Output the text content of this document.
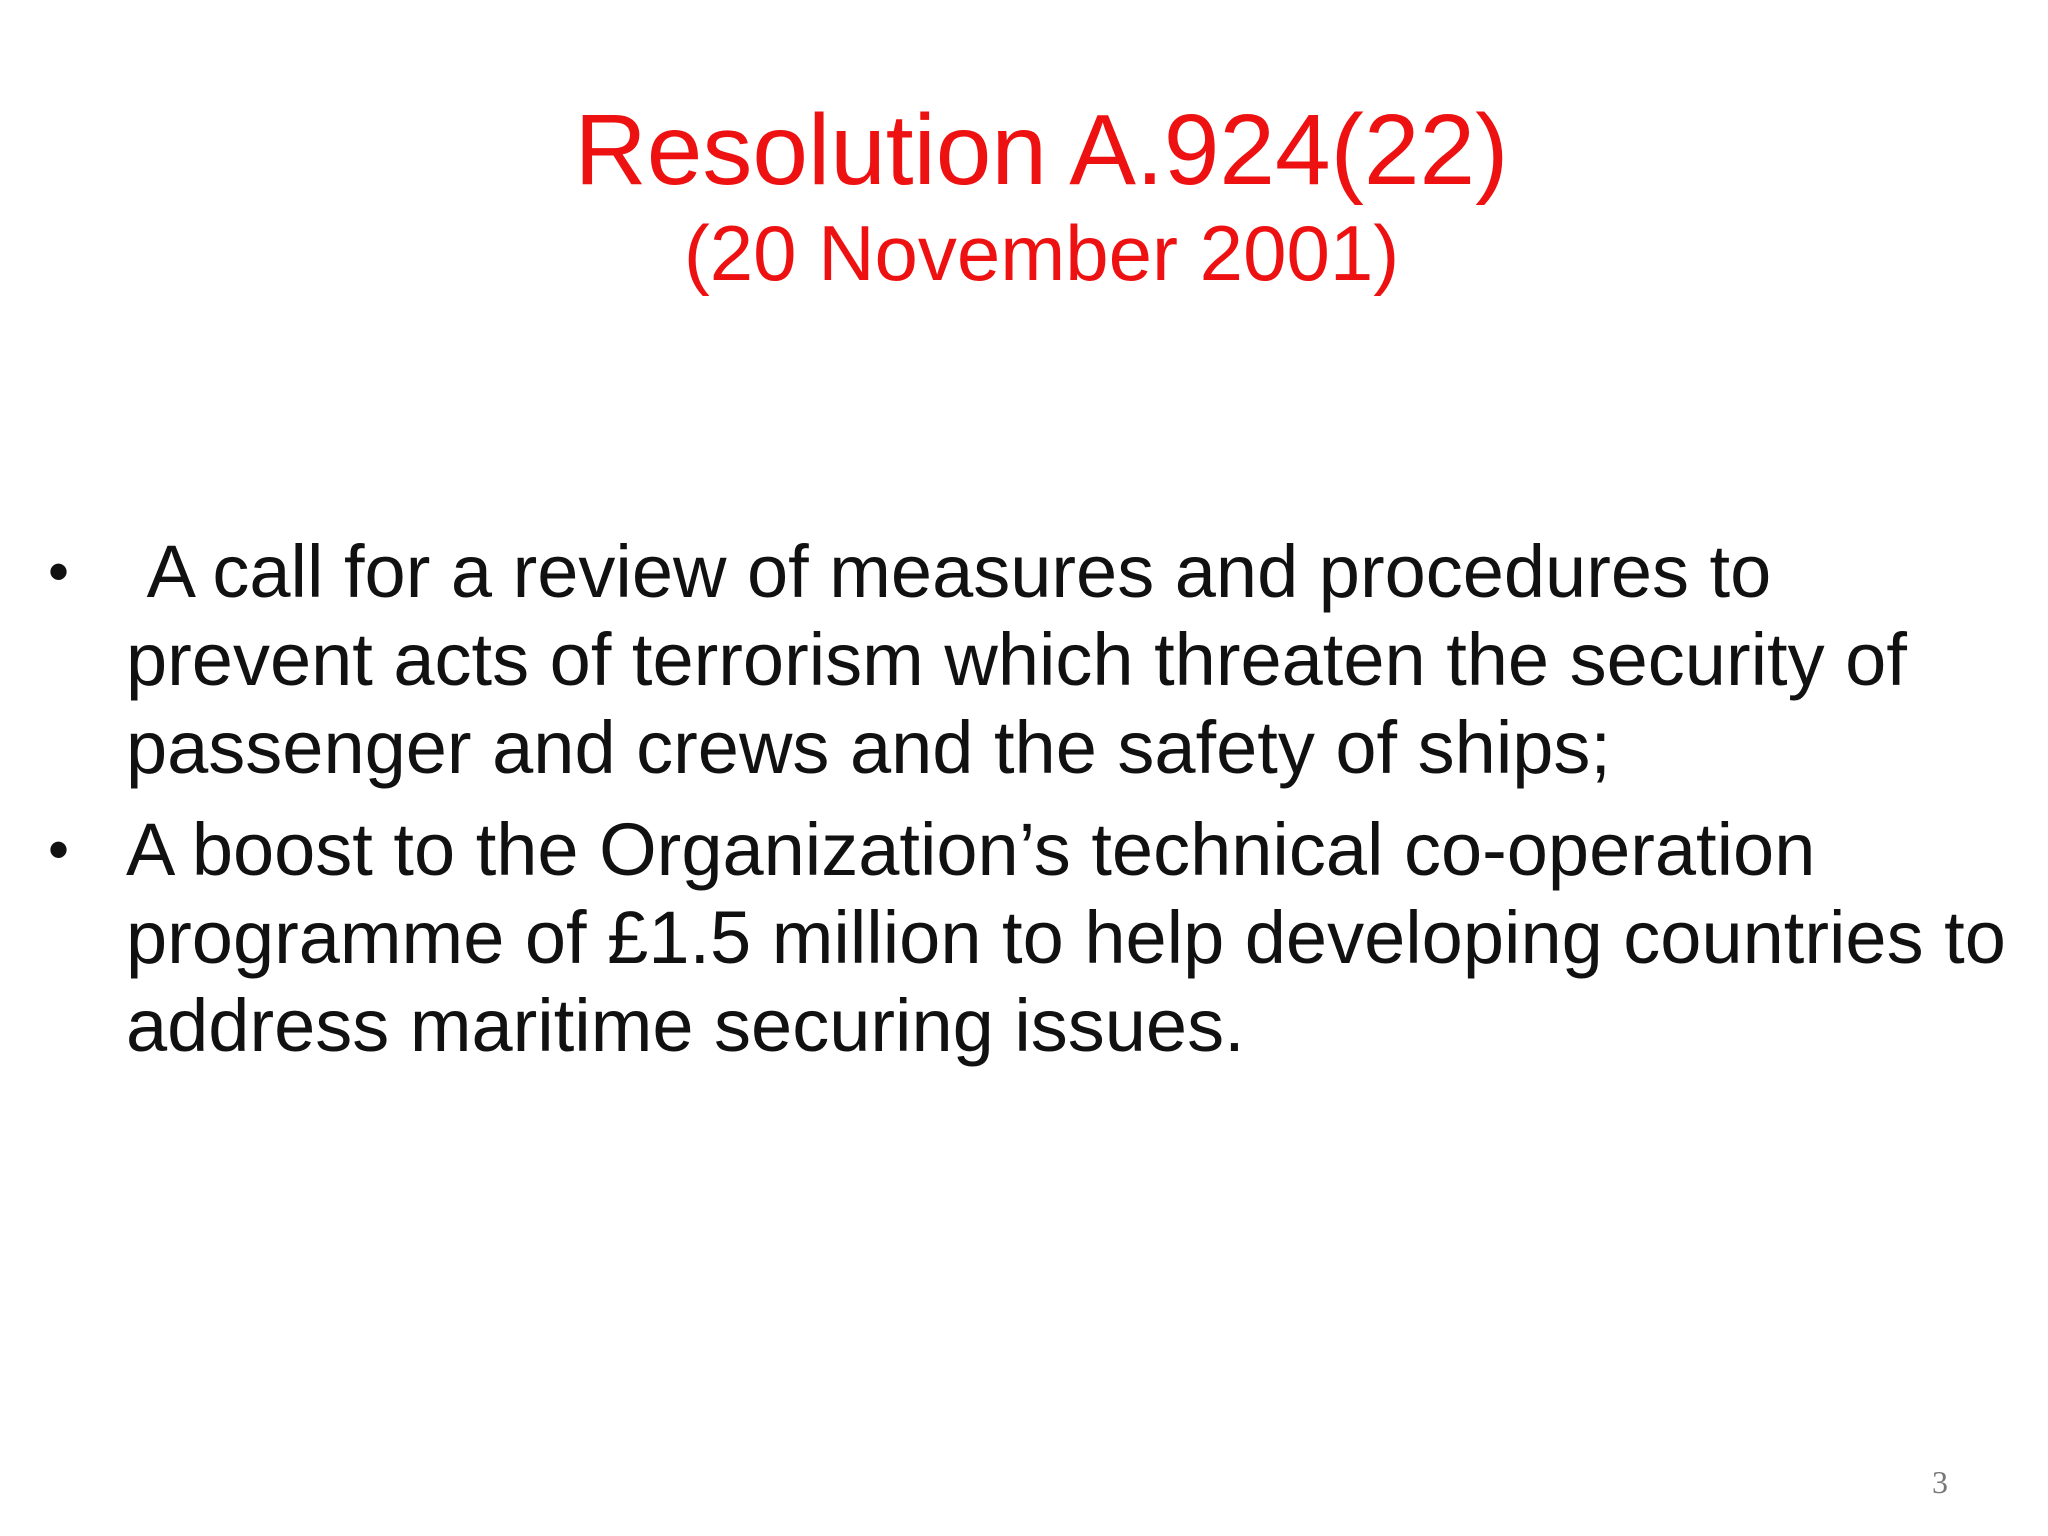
Resolution A.924(22)

(20 November 2001)

• A call for a review of measures and procedures to prevent acts of terrorism which threaten the security of passenger and crews and the safety of ships;
• A boost to the Organization’s technical co-operation programme of £1.5 million to help developing countries to address maritime securing issues.
3
